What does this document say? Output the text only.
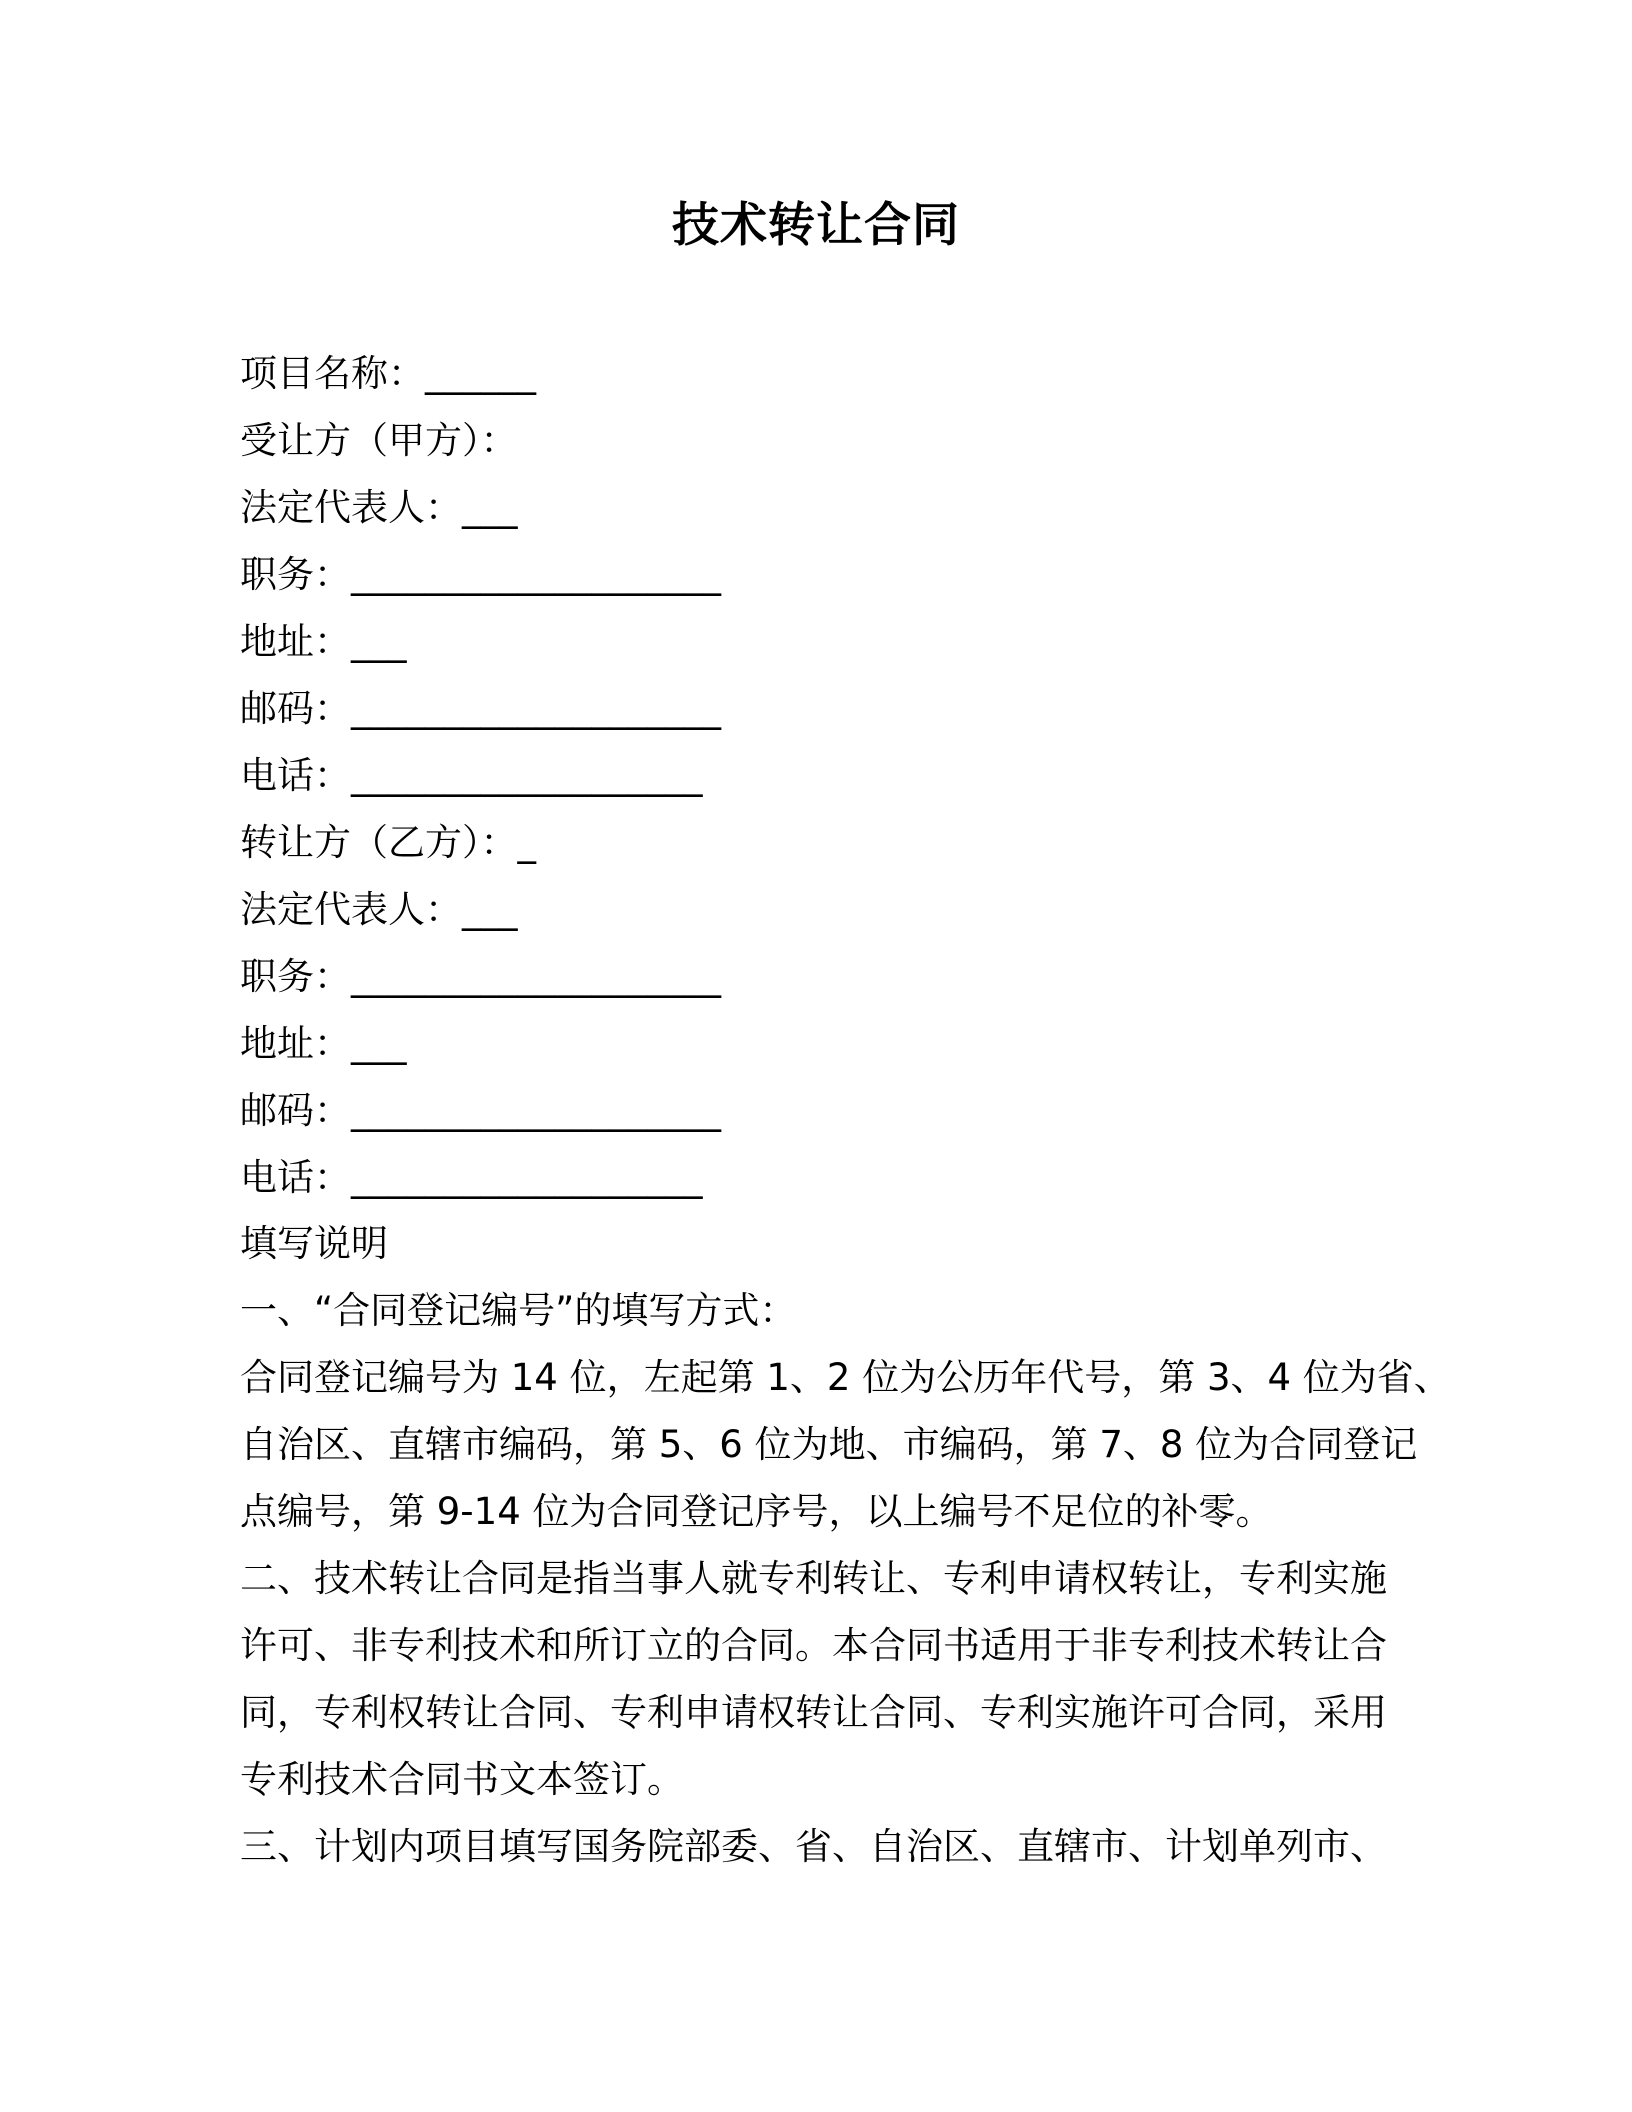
技术转让合同
项目名称：______
受让方（甲方）：
法定代表人：___
职务：____________________
地址：___
邮码：____________________
电话：___________________
转让方（乙方）：_
法定代表人：___
职务：____________________
地址：___
邮码：____________________
电话：___________________
填写说明
一、“合同登记编号”的填写方式：
合同登记编号为 14 位，左起第 1、2 位为公历年代号，第 3、4 位为省、
自治区、直辖市编码，第 5、6 位为地、市编码，第 7、8 位为合同登记
点编号，第 9-14 位为合同登记序号，以上编号不足位的补零。
二、技术转让合同是指当事人就专利转让、专利申请权转让，专利实施
许可、非专利技术和所订立的合同。本合同书适用于非专利技术转让合
同，专利权转让合同、专利申请权转让合同、专利实施许可合同，采用
专利技术合同书文本签订。
三、计划内项目填写国务院部委、省、自治区、直辖市、计划单列市、
